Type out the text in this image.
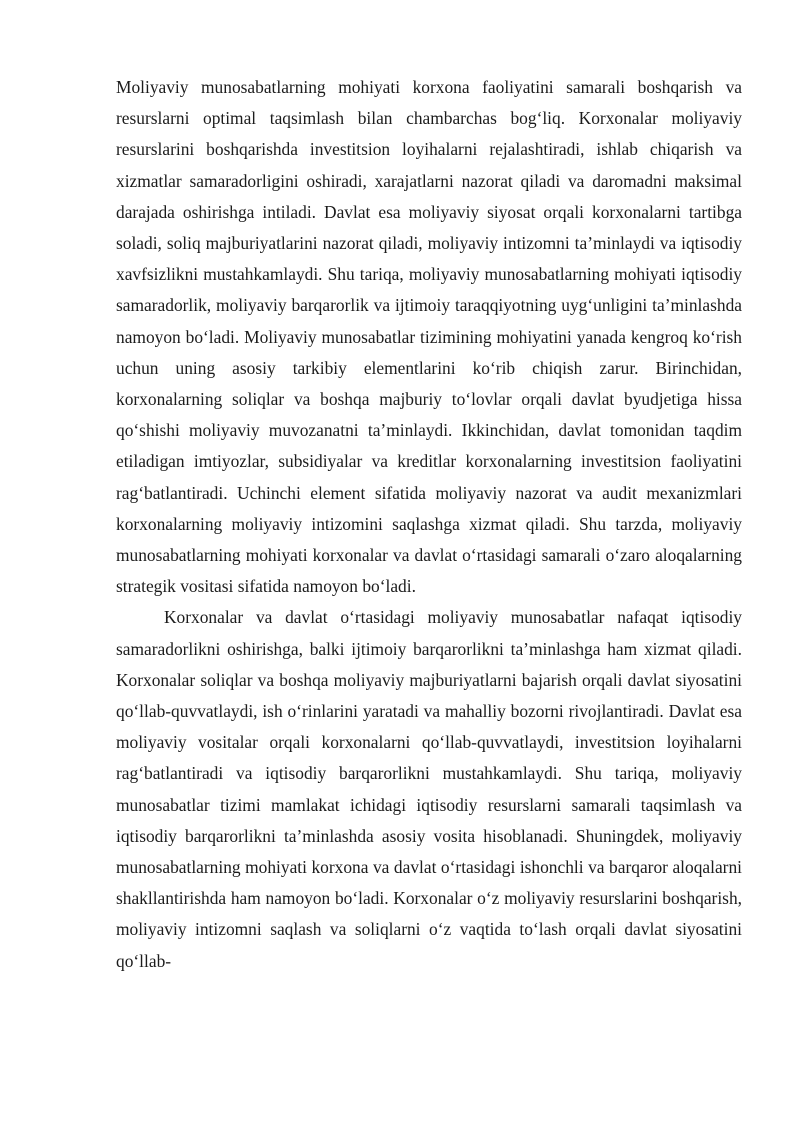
Moliyaviy munosabatlarning mohiyati korxona faoliyatini samarali boshqarish va resurslarni optimal taqsimlash bilan chambarchas bog‘liq. Korxonalar moliyaviy resurslarini boshqarishda investitsion loyihalarni rejalashtiradi, ishlab chiqarish va xizmatlar samaradorligini oshiradi, xarajatlarni nazorat qiladi va daromadni maksimal darajada oshirishga intiladi. Davlat esa moliyaviy siyosat orqali korxonalarni tartibga soladi, soliq majburiyatlarini nazorat qiladi, moliyaviy intizomni ta’minlaydi va iqtisodiy xavfsizlikni mustahkamlaydi. Shu tariqa, moliyaviy munosabatlarning mohiyati iqtisodiy samaradorlik, moliyaviy barqarorlik va ijtimoiy taraqqiyotning uyg‘unligini ta’minlashda namoyon bo‘ladi. Moliyaviy munosabatlar tizimining mohiyatini yanada kengroq ko‘rish uchun uning asosiy tarkibiy elementlarini ko‘rib chiqish zarur. Birinchidan, korxonalarning soliqlar va boshqa majburiy to‘lovlar orqali davlat byudjetiga hissa qo‘shishi moliyaviy muvozanatni ta’minlaydi. Ikkinchidan, davlat tomonidan taqdim etiladigan imtiyozlar, subsidiyalar va kreditlar korxonalarning investitsion faoliyatini rag‘batlantiradi. Uchinchi element sifatida moliyaviy nazorat va audit mexanizmlari korxonalarning moliyaviy intizomini saqlashga xizmat qiladi. Shu tarzda, moliyaviy munosabatlarning mohiyati korxonalar va davlat o‘rtasidagi samarali o‘zaro aloqalarning strategik vositasi sifatida namoyon bo‘ladi.

Korxonalar va davlat o‘rtasidagi moliyaviy munosabatlar nafaqat iqtisodiy samaradorlikni oshirishga, balki ijtimoiy barqarorlikni ta’minlashga ham xizmat qiladi. Korxonalar soliqlar va boshqa moliyaviy majburiyatlarni bajarish orqali davlat siyosatini qo‘llab-quvvatlaydi, ish o‘rinlarini yaratadi va mahalliy bozorni rivojlantiradi. Davlat esa moliyaviy vositalar orqali korxonalarni qo‘llab-quvvatlaydi, investitsion loyihalarni rag‘batlantiradi va iqtisodiy barqarorlikni mustahkamlaydi. Shu tariqa, moliyaviy munosabatlar tizimi mamlakat ichidagi iqtisodiy resurslarni samarali taqsimlash va iqtisodiy barqarorlikni ta’minlashda asosiy vosita hisoblanadi. Shuningdek, moliyaviy munosabatlarning mohiyati korxona va davlat o‘rtasidagi ishonchli va barqaror aloqalarni shakllantirishda ham namoyon bo‘ladi. Korxonalar o‘z moliyaviy resurslarini boshqarish, moliyaviy intizomni saqlash va soliqlarni o‘z vaqtida to‘lash orqali davlat siyosatini qo‘llab-
